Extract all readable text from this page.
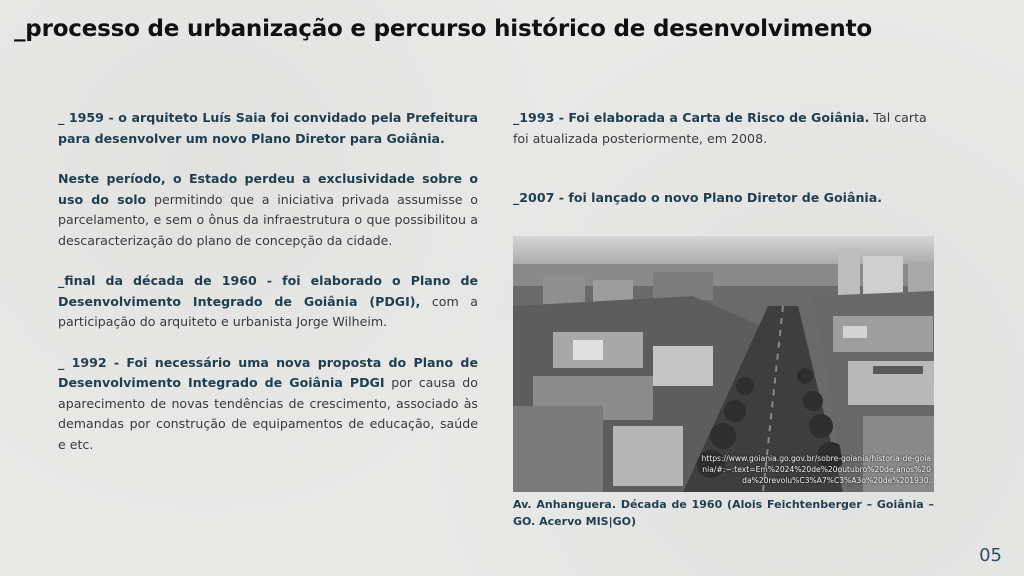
_processo de urbanização e percurso histórico de desenvolvimento

_ 1959 - o arquiteto Luís Saia foi convidado pela Prefeitura para desenvolver um novo Plano Diretor para Goiânia.

Neste período, o Estado perdeu a exclusividade sobre o uso do solo permitindo que a iniciativa privada assumisse o parcelamento, e sem o ônus da infraestrutura o que possibilitou a descaracterização do plano de concepção da cidade.

_final da década de 1960 - foi elaborado o Plano de Desenvolvimento Integrado de Goiânia (PDGI), com a participação do arquiteto e urbanista Jorge Wilheim.

_ 1992 - Foi necessário uma nova proposta do Plano de Desenvolvimento Integrado de Goiânia PDGI por causa do aparecimento de novas tendências de crescimento, associado às demandas por construção de equipamentos de educação, saúde e etc.

_1993 - Foi elaborada a Carta de Risco de Goiânia. Tal carta foi atualizada posteriormente, em 2008.

_2007 - foi lançado o novo Plano Diretor de Goiânia.

https://www.goiania.go.gov.br/sobre-goiania/historia-de-goiania/#:~:text=Em%2024%20de%20outubro%20de,anos%20da%20revolu%C3%A7%C3%A3o%20de%201930.
Av. Anhanguera. Década de 1960 (Alois Feichtenberger – Goiânia – GO. Acervo MIS|GO)
05
